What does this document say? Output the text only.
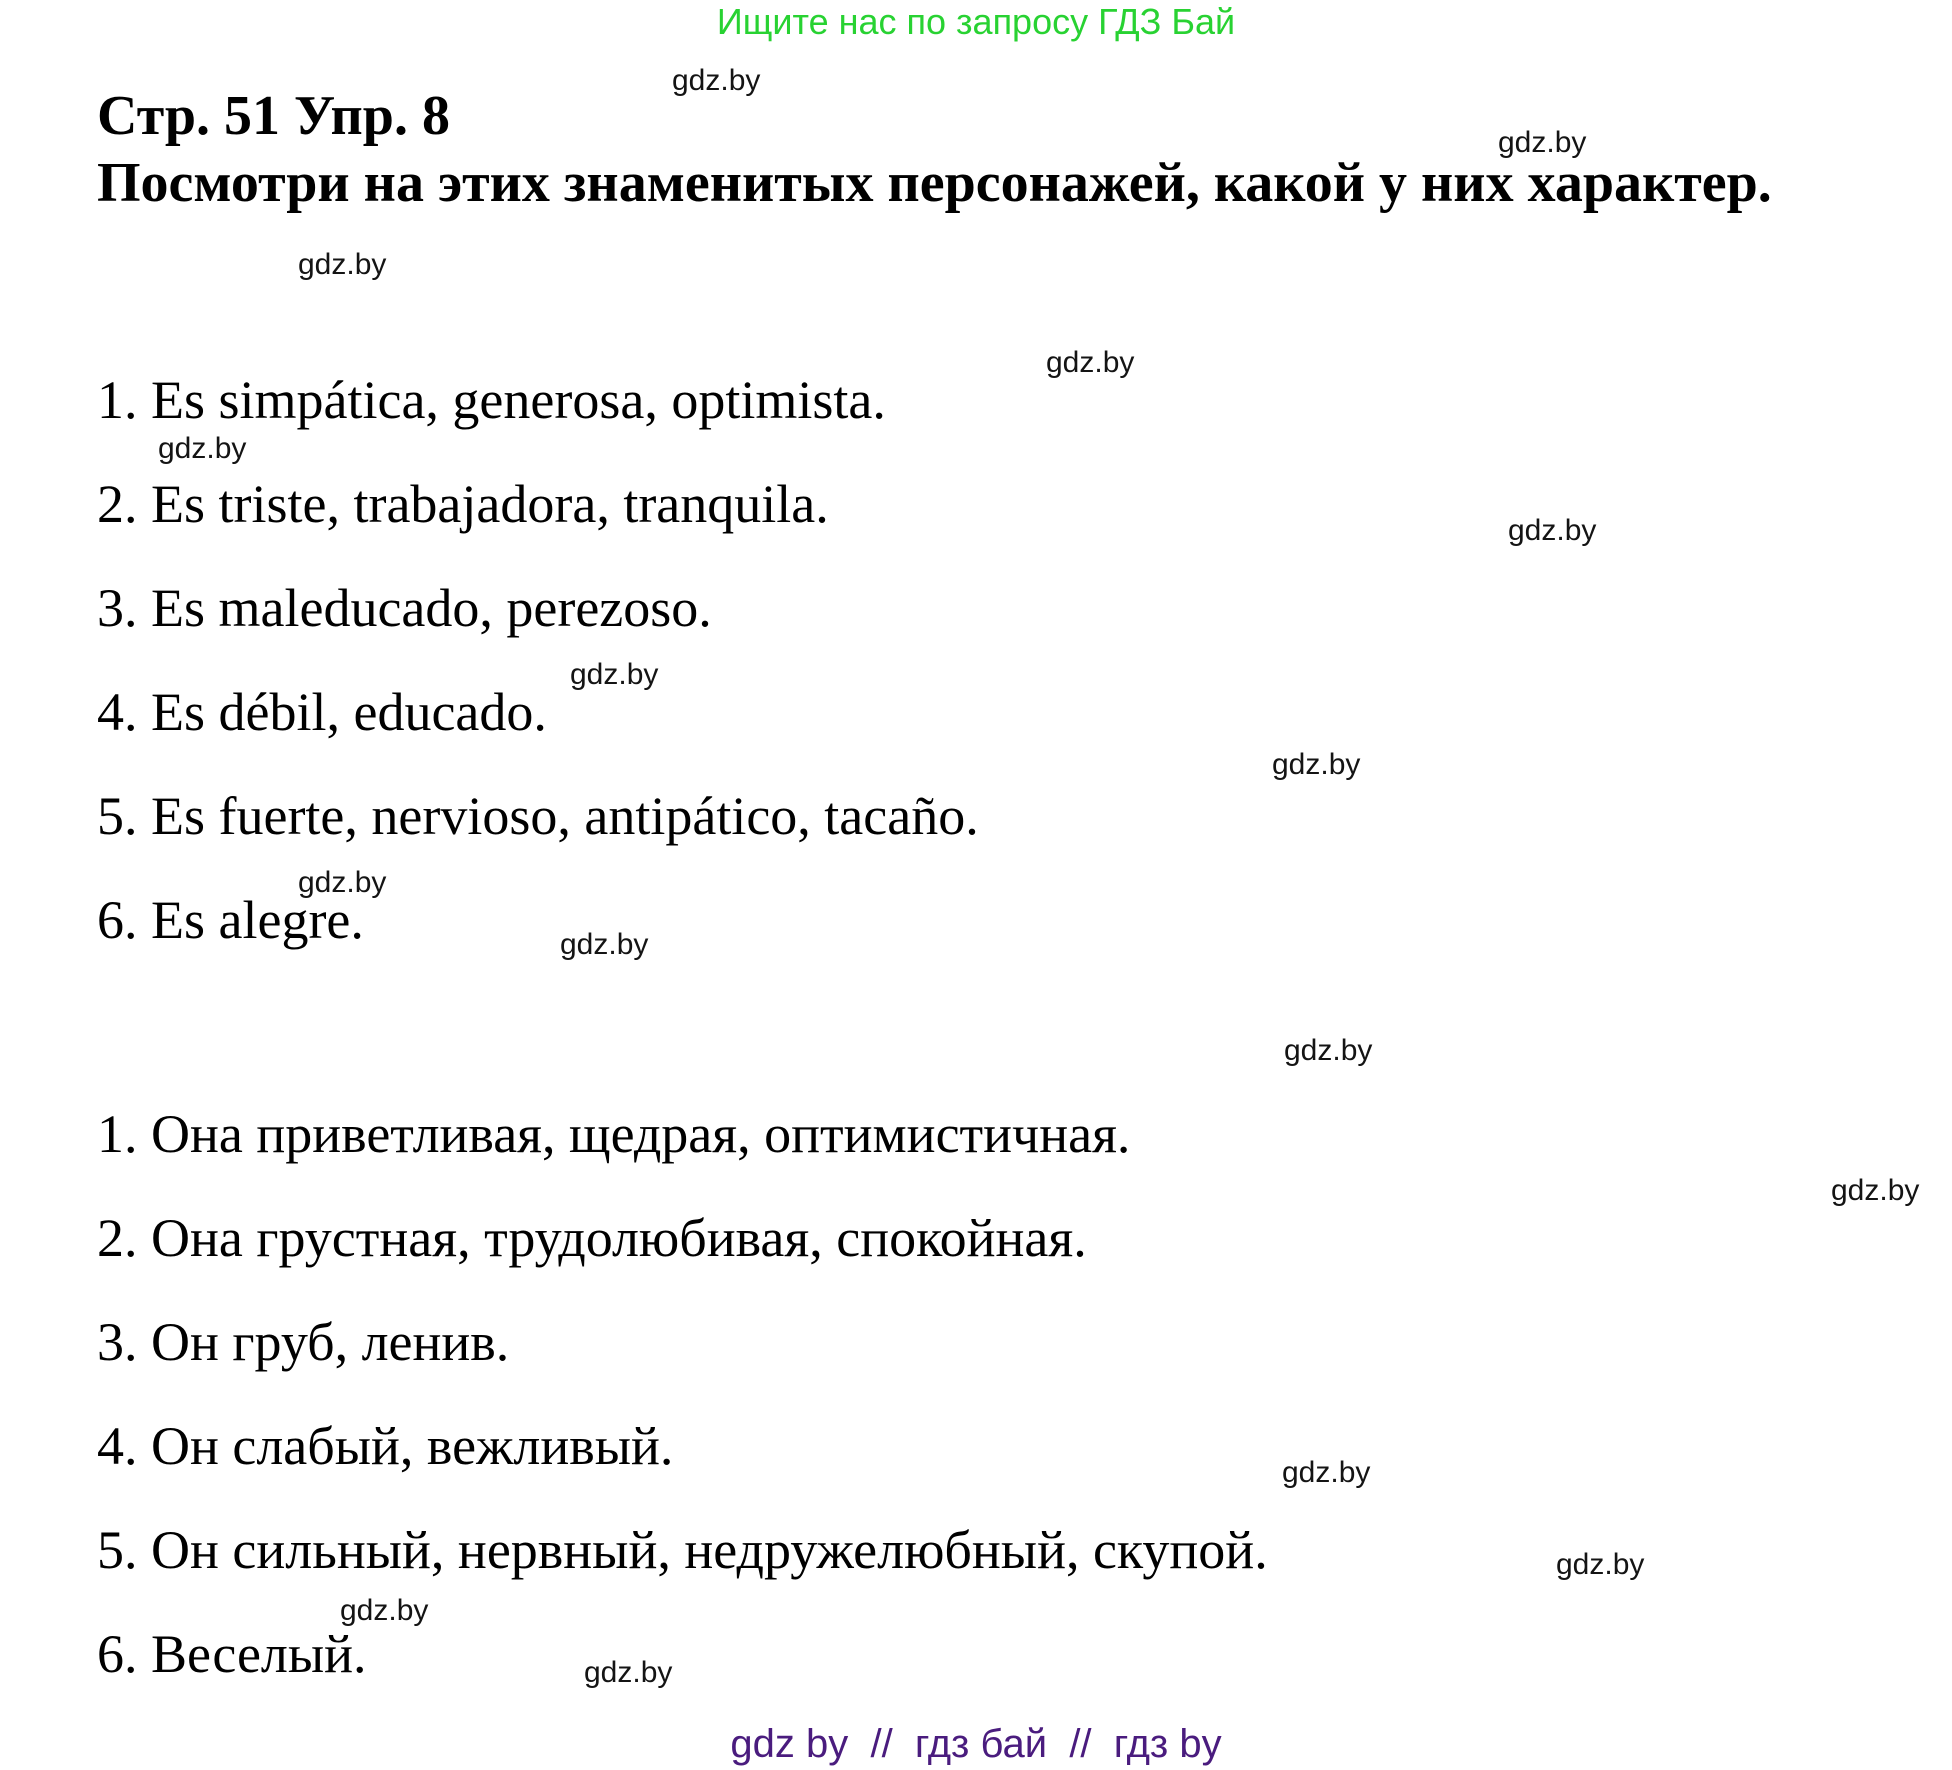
Ищите нас по запросу ГДЗ Бай
Стр. 51 Упр. 8
Посмотри на этих знаменитых персонажей, какой у них характер.
1. Es simpática, generosa, optimista.
2. Es triste, trabajadora, tranquila.
3. Es maleducado, perezoso.
4. Es débil, educado.
5. Es fuerte, nervioso, antipático, tacaño.
6. Es alegre.
1. Она приветливая, щедрая, оптимистичная.
2. Она грустная, трудолюбивая, спокойная.
3. Он груб, ленив.
4. Он слабый, вежливый.
5. Он сильный, нервный, недружелюбный, скупой.
6. Веселый.
gdz.by
gdz.by
gdz.by
gdz.by
gdz.by
gdz.by
gdz.by
gdz.by
gdz.by
gdz.by
gdz.by
gdz.by
gdz.by
gdz.by
gdz.by
gdz.by
gdz by  //  гдз бай  //  гдз by
